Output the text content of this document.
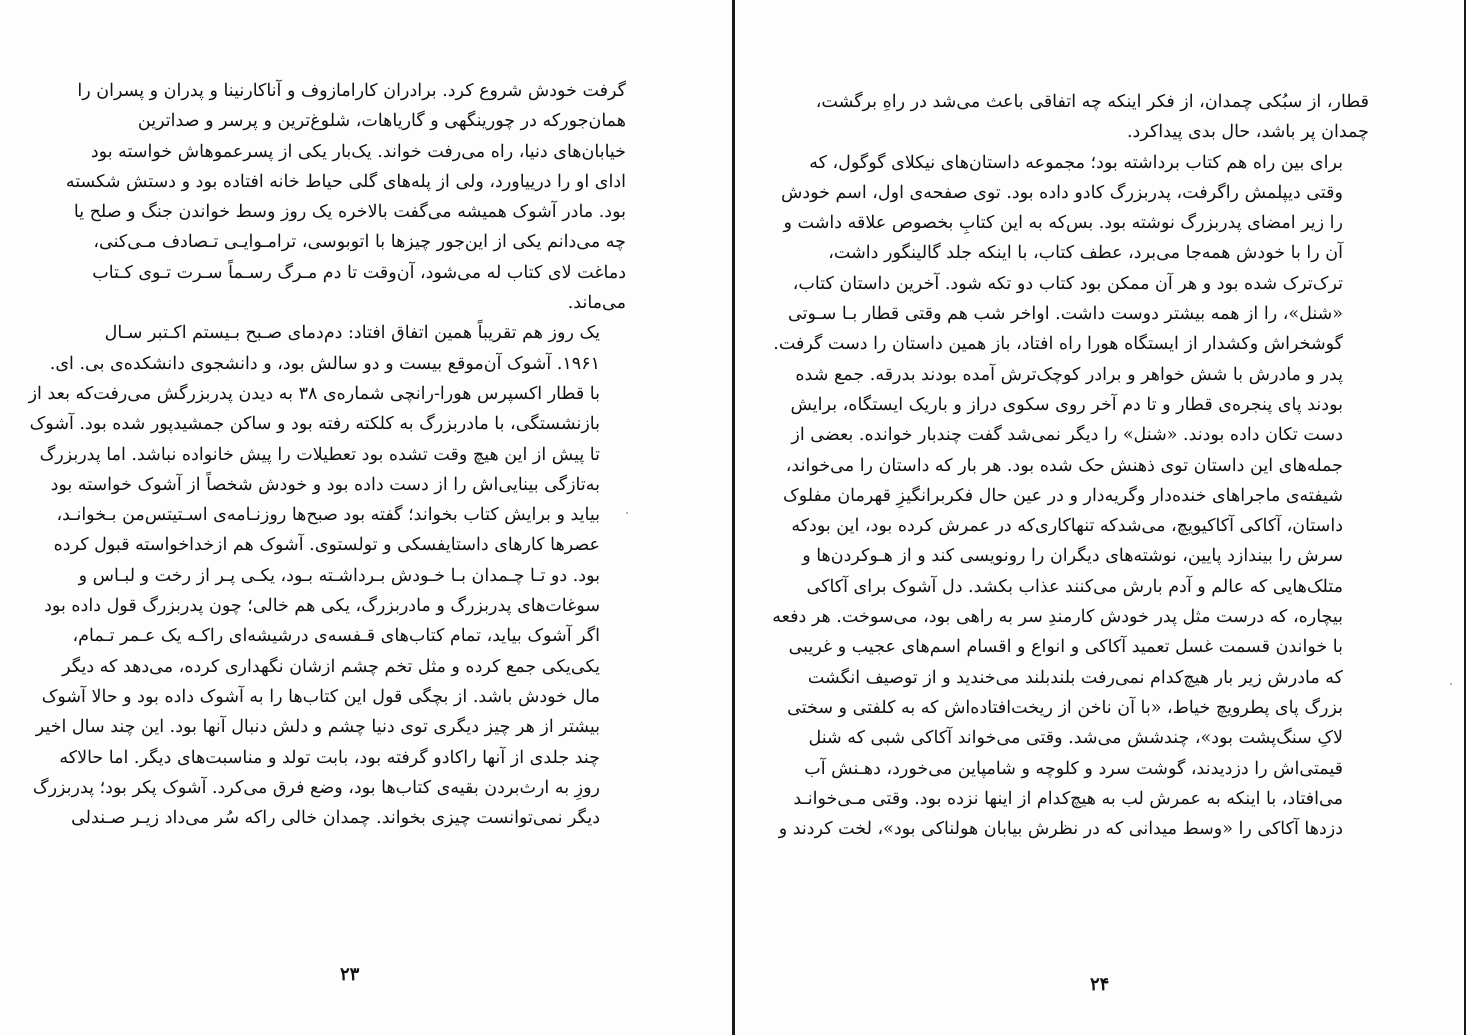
گرفت خودش شروع کرد. برادران کارامازوف و آناکارنینا و پدران و پسران را
همان‌جورکه در چورینگهی و گاریاهات، شلوغ‌ترین و پرسر و صداترین
خیابان‌های دنیا، راه می‌رفت خواند. یک‌بار یکی از پسرعموهاش خواسته بود
ادای او را درییاورد، ولی از پله‌های گلی حیاط خانه افتاده بود و دستش شکسته
بود. مادر آشوک همیشه می‌گفت بالاخره یک روز وسط خواندن جنگ و صلح یا
چه می‌دانم یکی از این‌جور چیزها با اتوبوسی، ترامـوایـی تـصادف مـی‌کنی،
دماغت لای کتاب له می‌شود، آن‌وقت تا دم مـرگ رسـماً سـرت تـوی کـتاب
می‌ماند.

یک روز هم تقریباً همین اتفاق افتاد: دم‌دمای صـبح بـیستم اکـتبر سـال
۱۹۶۱. آشوک آن‌موقع بیست و دو سالش بود، و دانشجوی دانشکده‌ی بی. ای.
با قطار اکسپرس هورا-رانچی شماره‌ی ۳۸ به دیدن پدربزرگش می‌رفت‌که بعد از
بازنشستگی، با مادربزرگ به کلکته رفته بود و ساکن جمشیدپور شده بود. آشوک
تا پیش از این هیچ وقت تشده بود تعطیلات را پیش خانواده نباشد. اما پدربزرگ
به‌تازگی بینایی‌اش را از دست داده بود و خودش شخصاً از آشوک خواسته بود
بیاید و برایش کتاب بخواند؛ گفته بود صبح‌ها روزنـامه‌ی اسـتیتس‌من بـخوانـد،
عصرها کارهای داستایفسکی و تولستوی. آشوک هم ازخداخواسته قبول کرده
بود. دو تـا چـمدان بـا خـودش بـرداشـته بـود، یکـی پـر از رخت و لبـاس و
سوغات‌های پدربزرگ و مادربزرگ، یکی هم خالی؛ چون پدربزرگ قول داده بود
اگر آشوک بیاید، تمام کتاب‌های قـفسه‌ی درشیشه‌ای راکـه یک عـمر تـمام،
یکی‌یکی جمع کرده و مثل تخم چشم ازشان نگهداری کرده، می‌دهد که دیگر
مال خودش باشد. از بچگی قول این کتاب‌ها را به آشوک داده بود و حالا آشوک
بیشتر از هر چیز دیگری توی دنیا چشم و دلش دنبال آنها بود. این چند سال اخیر
چند جلدی از آنها راکادو گرفته بود، بابت تولد و مناسبت‌های دیگر. اما حالاکه
روزِ به ارث‌بردن بقیه‌ی کتاب‌ها بود، وضع فرق می‌کرد. آشوک پکر بود؛ پدربزرگ
دیگر نمی‌توانست چیزی بخواند. چمدان خالی راکه سُر می‌داد زیـر صـندلی

۲۳

قطار، از سبُکی چمدان، از فکر اینکه چه اتفاقی باعث می‌شد در راهِ برگشت،
چمدان پر باشد، حال بدی پیداکرد.

برای بین راه هم کتاب برداشته بود؛ مجموعه داستان‌های نیکلای گوگول، که
وقتی دیپلمش راگرفت، پدربزرگ کادو داده بود. توی صفحه‌ی اول، اسم خودش
را زیر امضای پدربزرگ نوشته بود. بس‌که به این کتابِ بخصوص علاقه داشت و
آن را با خودش همه‌جا می‌برد، عطف کتاب، با اینکه جلد گالینگور داشت،
ترک‌ترک شده بود و هر آن ممکن بود کتاب دو تکه شود. آخرین داستان کتاب،
«شنل»، را از همه بیشتر دوست داشت. اواخر شب هم وقتی قطار بـا سـوتی
گوشخراش وکشدار از ایستگاه هورا راه افتاد، باز همین داستان را دست گرفت.
پدر و مادرش با شش خواهر و برادر کوچک‌ترش آمده بودند بدرقه. جمع شده
بودند پای پنجره‌ی قطار و تا دم آخر روی سکوی دراز و باریک ایستگاه، برایش
دست تکان داده بودند. «شنل» را دیگر نمی‌شد گفت چندبار خوانده. بعضی از
جمله‌های این داستان توی ذهنش حک شده بود. هر بار که داستان را می‌خواند،
شیفته‌ی ماجراهای خنده‌دار وگریه‌دار و در عین حال فکربرانگیزِ قهرمان مفلوک
داستان، آکاکی آکاکیویچ، می‌شدکه تنهاکاری‌که در عمرش کرده بود، این بودکه
سرش را بیندازد پایین، نوشته‌های دیگران را رونویسی کند و از هـوکردن‌ها و
متلک‌هایی که عالم و آدم بارش می‌کنند عذاب بکشد. دل آشوک برای آکاکی
بیچاره، که درست مثل پدر خودش کارمندِ سر به راهی بود، می‌سوخت. هر دفعه
با خواندن قسمت غسل تعمید آکاکی و انواع و اقسام اسم‌های عجیب و غریبی
که مادرش زیر بار هیچ‌کدام نمی‌رفت بلندبلند می‌خندید و از توصیف انگشت
بزرگ پای پطرویچ خیاط، «با آن ناخن از ریخت‌افتاده‌اش که به کلفتی و سختی
لاکِ سنگ‌پشت بود»، چندشش می‌شد. وقتی می‌خواند آکاکی شبی که شنل
قیمتی‌اش را دزدیدند، گوشت سرد و کلوچه و شامپاین می‌خورد، دهـنش آب
می‌افتاد، با اینکه به عمرش لب به هیچ‌کدام از اینها نزده بود. وقتی مـی‌خوانـد
دزدها آکاکی را «وسط میدانی که در نظرش بیابان هولناکی بود»، لخت کردند و

۲۴
